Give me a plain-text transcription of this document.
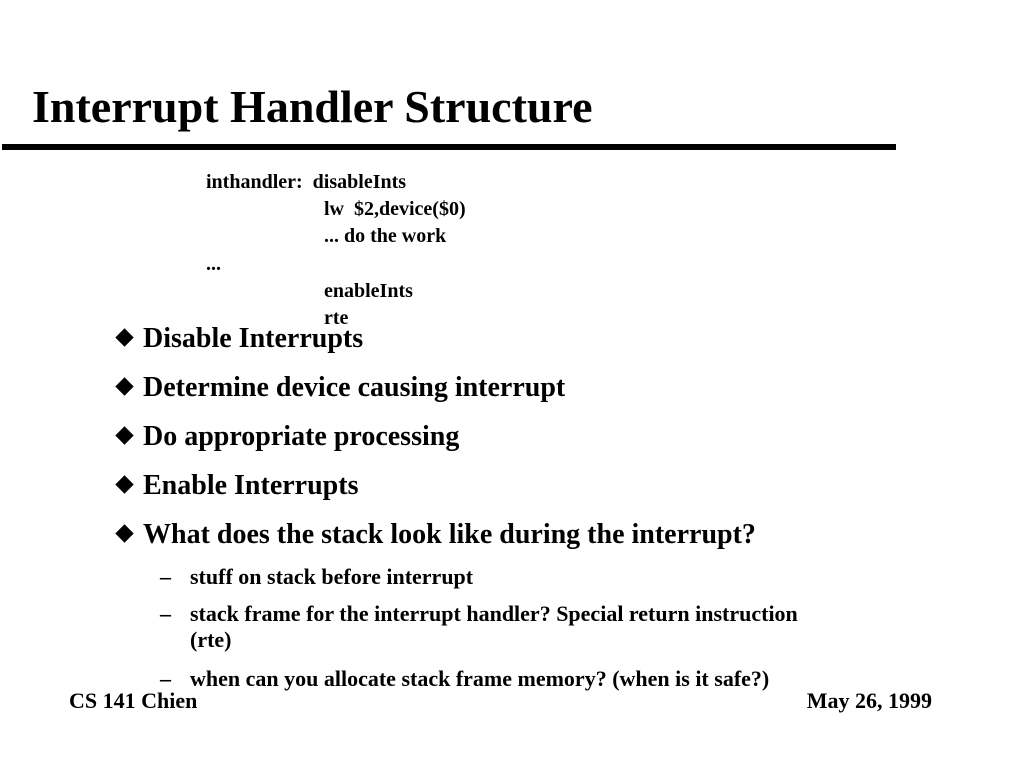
Interrupt Handler Structure
inthandler:  disableInts
lw  $2,device($0)
... do the work
...
enableInts
rte
Disable Interrupts
Determine device causing interrupt
Do appropriate processing
Enable Interrupts
What does the stack look like during the interrupt?
– stuff on stack before interrupt
– stack frame for the interrupt handler? Special return instruction (rte)
– when can you allocate stack frame memory? (when is it safe?)
CS 141 Chien	May 26, 1999
